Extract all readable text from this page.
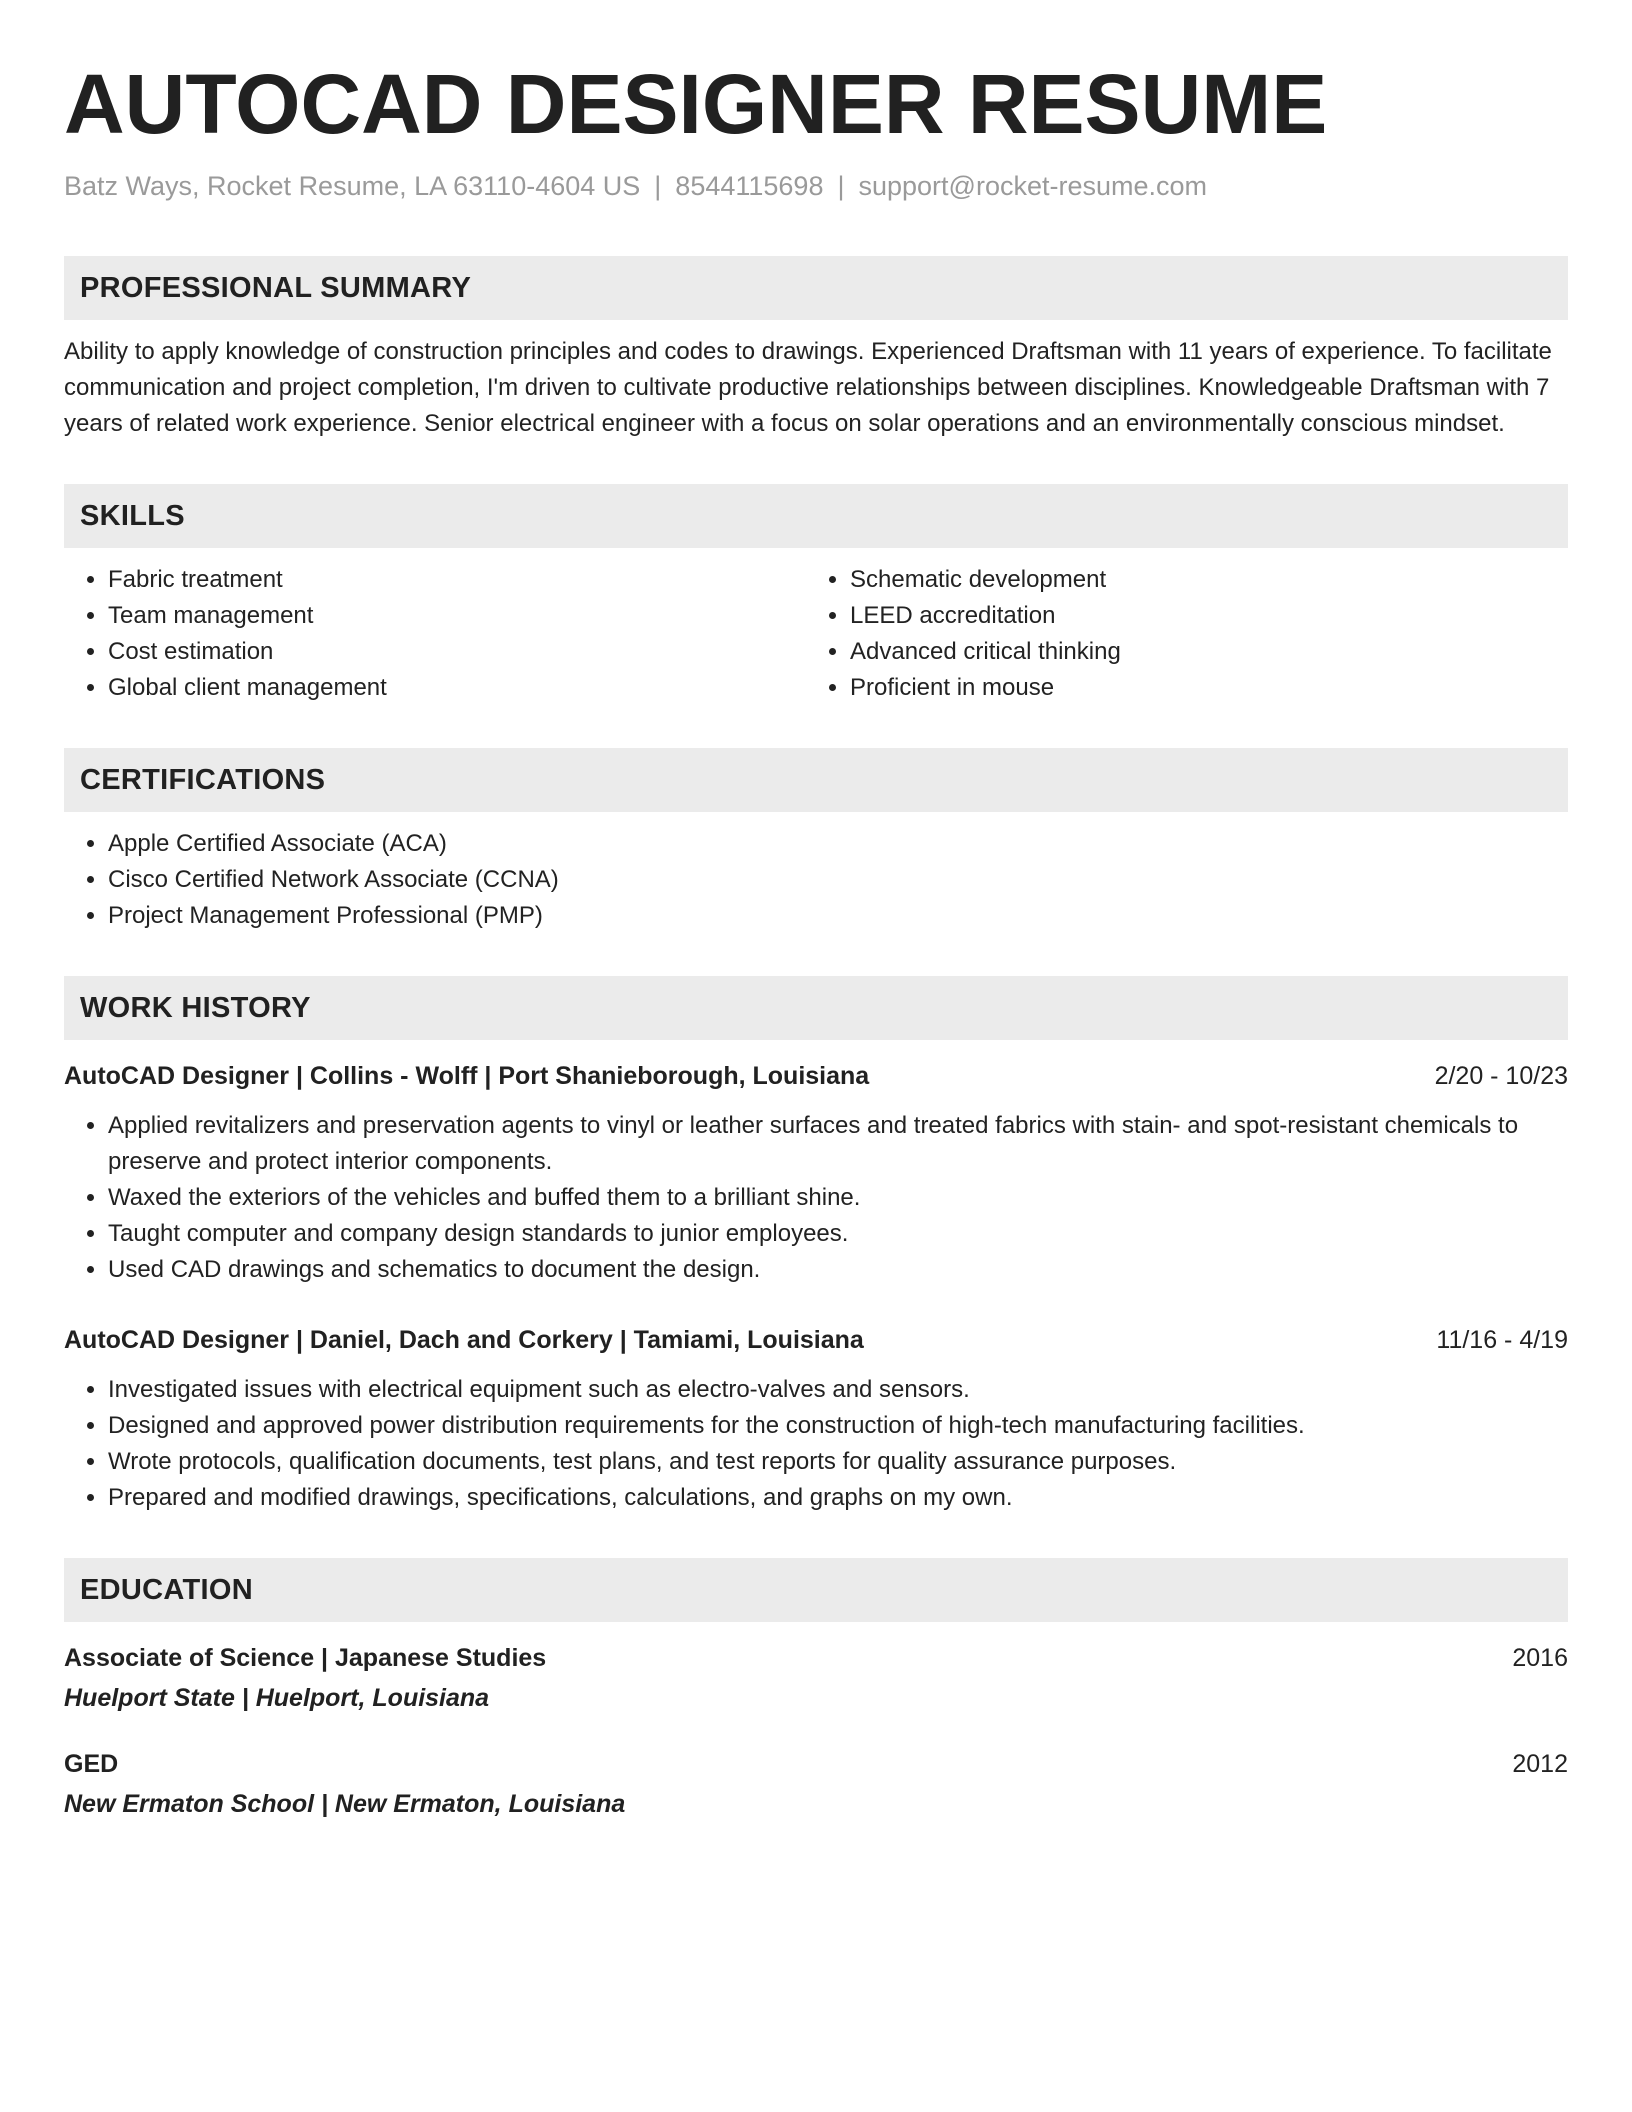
AUTOCAD DESIGNER RESUME
Batz Ways, Rocket Resume, LA 63110-4604 US | 8544115698 | support@rocket-resume.com
PROFESSIONAL SUMMARY
Ability to apply knowledge of construction principles and codes to drawings. Experienced Draftsman with 11 years of experience. To facilitate communication and project completion, I'm driven to cultivate productive relationships between disciplines. Knowledgeable Draftsman with 7 years of related work experience. Senior electrical engineer with a focus on solar operations and an environmentally conscious mindset.
SKILLS
• Fabric treatment
• Team management
• Cost estimation
• Global client management
• Schematic development
• LEED accreditation
• Advanced critical thinking
• Proficient in mouse
CERTIFICATIONS
• Apple Certified Associate (ACA)
• Cisco Certified Network Associate (CCNA)
• Project Management Professional (PMP)
WORK HISTORY
AutoCAD Designer | Collins - Wolff | Port Shanieborough, Louisiana	2/20 - 10/23
• Applied revitalizers and preservation agents to vinyl or leather surfaces and treated fabrics with stain- and spot-resistant chemicals to preserve and protect interior components.
• Waxed the exteriors of the vehicles and buffed them to a brilliant shine.
• Taught computer and company design standards to junior employees.
• Used CAD drawings and schematics to document the design.
AutoCAD Designer | Daniel, Dach and Corkery | Tamiami, Louisiana	11/16 - 4/19
• Investigated issues with electrical equipment such as electro-valves and sensors.
• Designed and approved power distribution requirements for the construction of high-tech manufacturing facilities.
• Wrote protocols, qualification documents, test plans, and test reports for quality assurance purposes.
• Prepared and modified drawings, specifications, calculations, and graphs on my own.
EDUCATION
Associate of Science | Japanese Studies	2016
Huelport State | Huelport, Louisiana
GED	2012
New Ermaton School | New Ermaton, Louisiana
